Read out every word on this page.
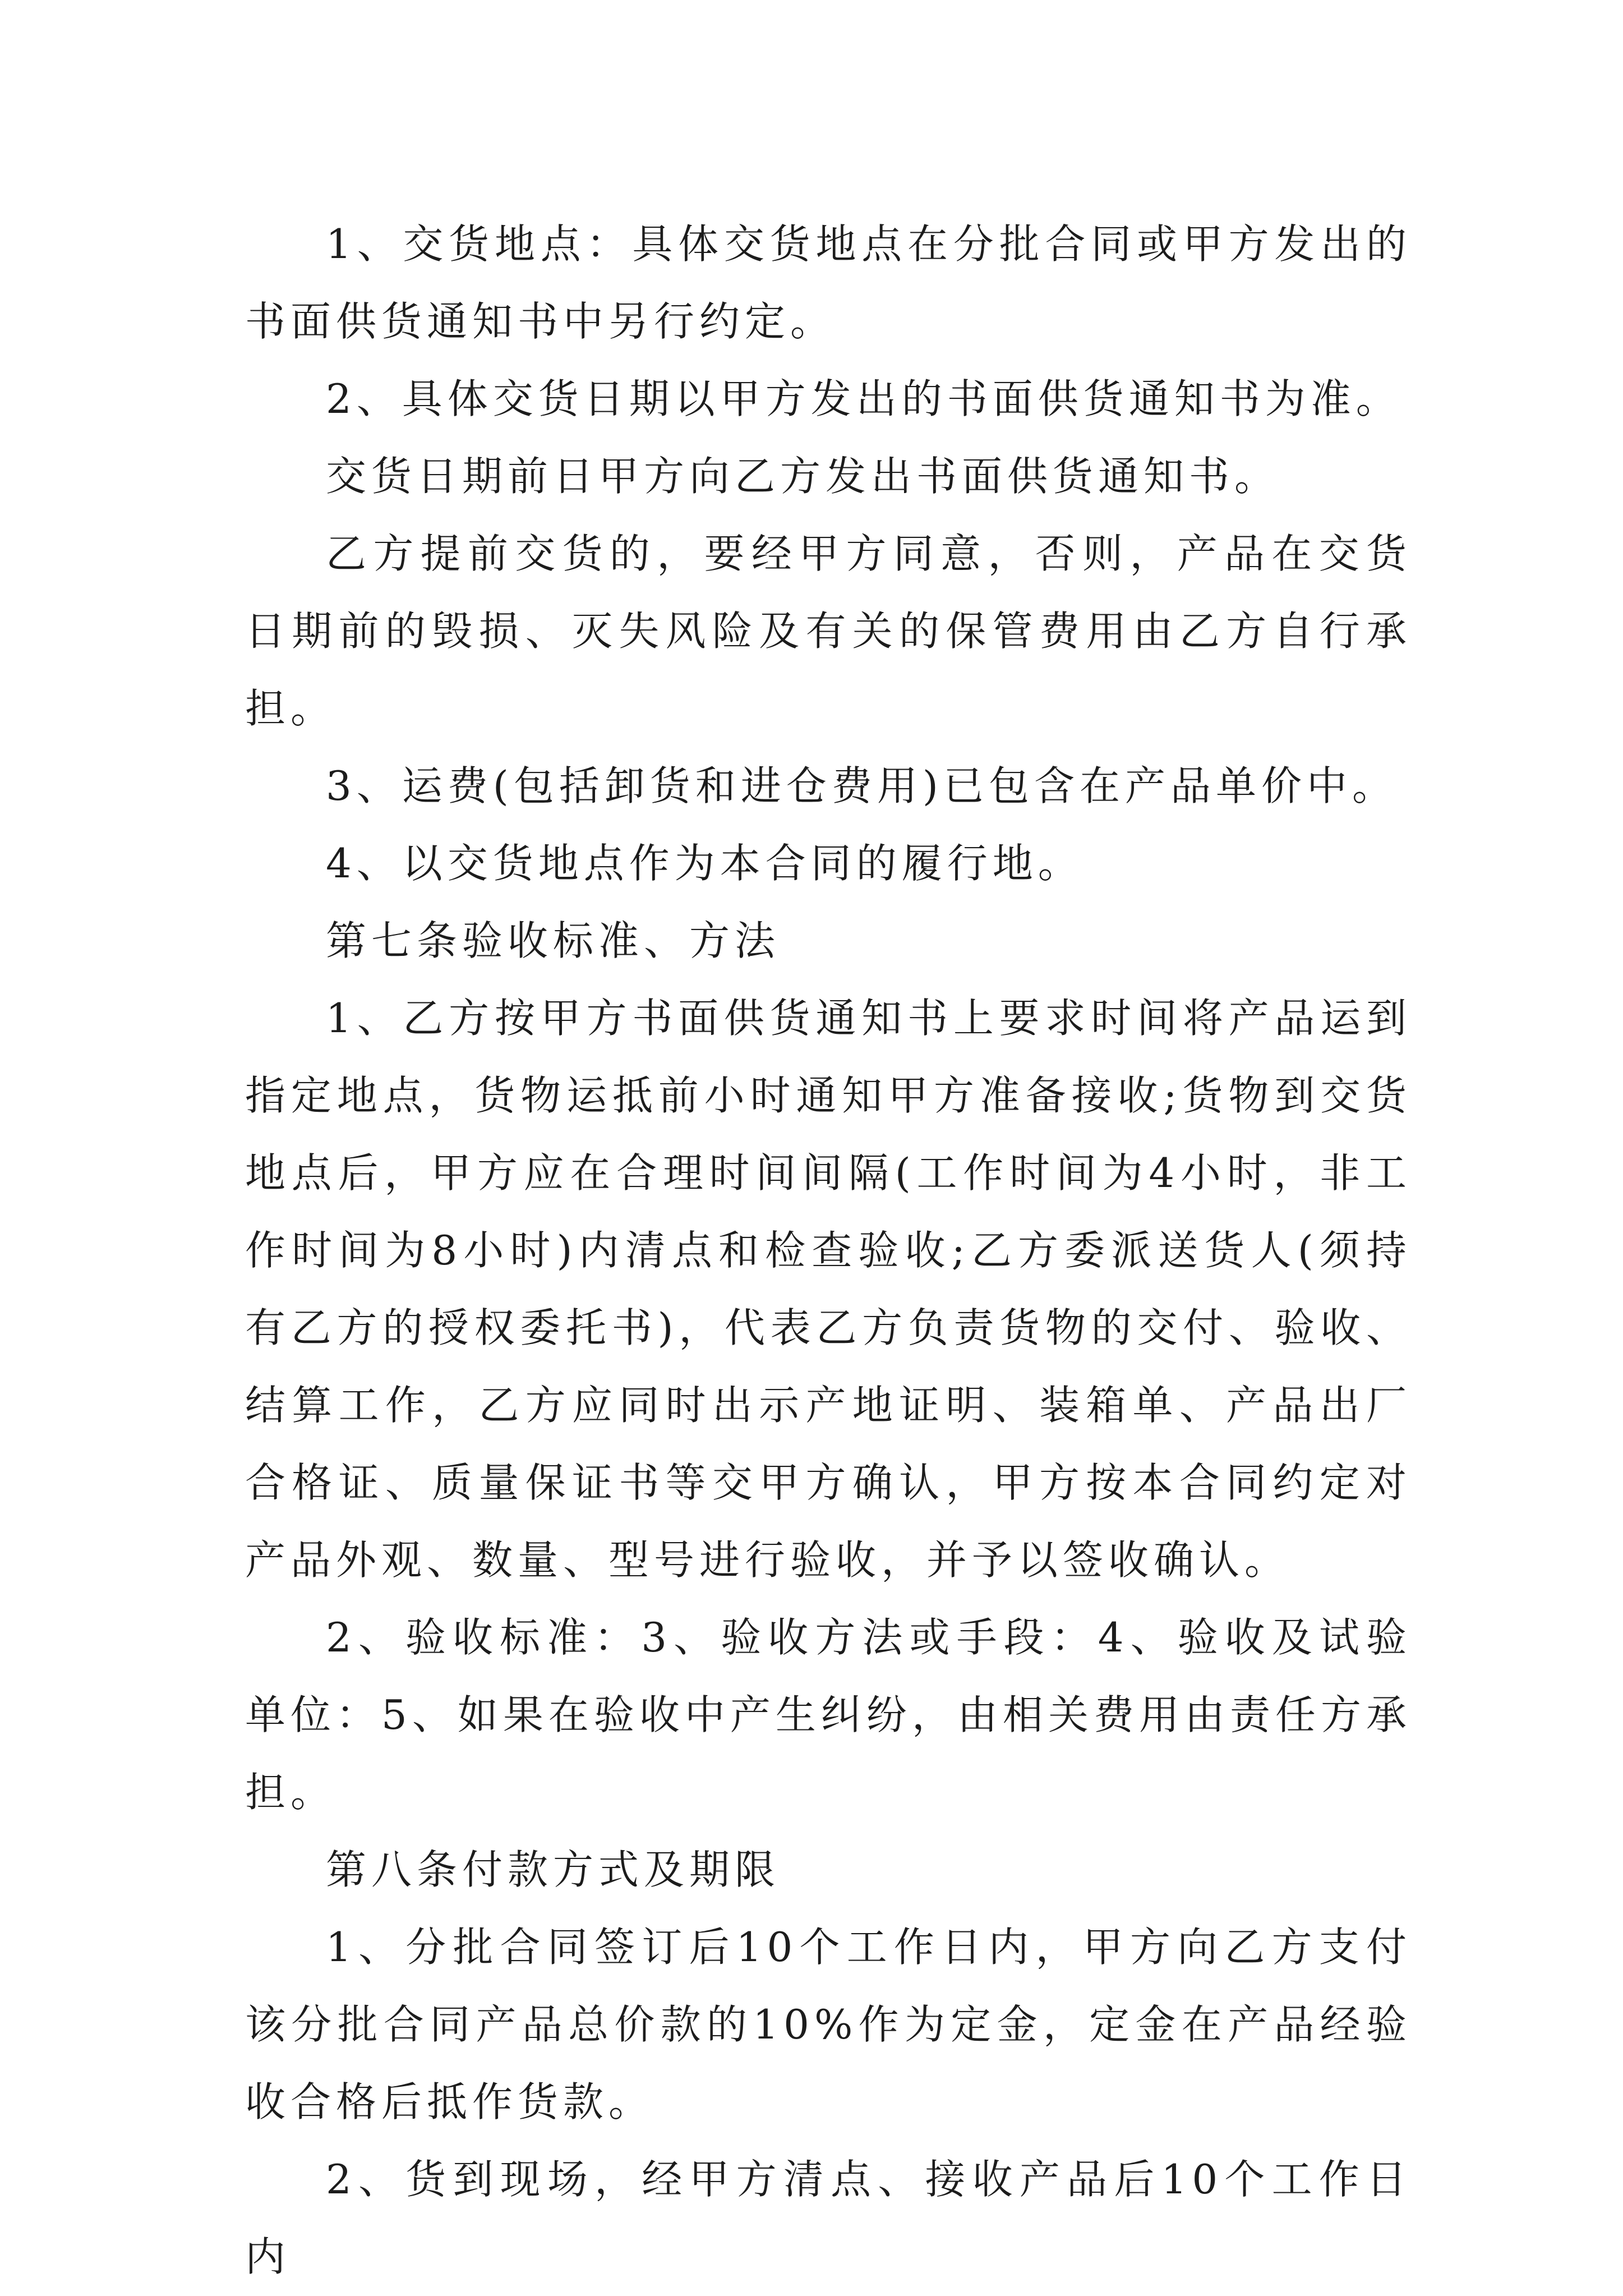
1、交货地点：具体交货地点在分批合同或甲方发出的书面供货通知书中另行约定。

2、具体交货日期以甲方发出的书面供货通知书为准。

交货日期前日甲方向乙方发出书面供货通知书。

乙方提前交货的，要经甲方同意，否则，产品在交货日期前的毁损、灭失风险及有关的保管费用由乙方自行承担。

3、运费(包括卸货和进仓费用)已包含在产品单价中。

4、以交货地点作为本合同的履行地。

第七条验收标准、方法

1、乙方按甲方书面供货通知书上要求时间将产品运到指定地点，货物运抵前小时通知甲方准备接收;货物到交货地点后，甲方应在合理时间间隔(工作时间为4小时，非工作时间为8小时)内清点和检查验收;乙方委派送货人(须持有乙方的授权委托书)，代表乙方负责货物的交付、验收、结算工作，乙方应同时出示产地证明、装箱单、产品出厂合格证、质量保证书等交甲方确认，甲方按本合同约定对产品外观、数量、型号进行验收，并予以签收确认。

2、验收标准：3、验收方法或手段：4、验收及试验单位：5、如果在验收中产生纠纷，由相关费用由责任方承担。

第八条付款方式及期限

1、分批合同签订后10个工作日内，甲方向乙方支付该分批合同产品总价款的10%作为定金，定金在产品经验收合格后抵作货款。

2、货到现场，经甲方清点、接收产品后10个工作日内
